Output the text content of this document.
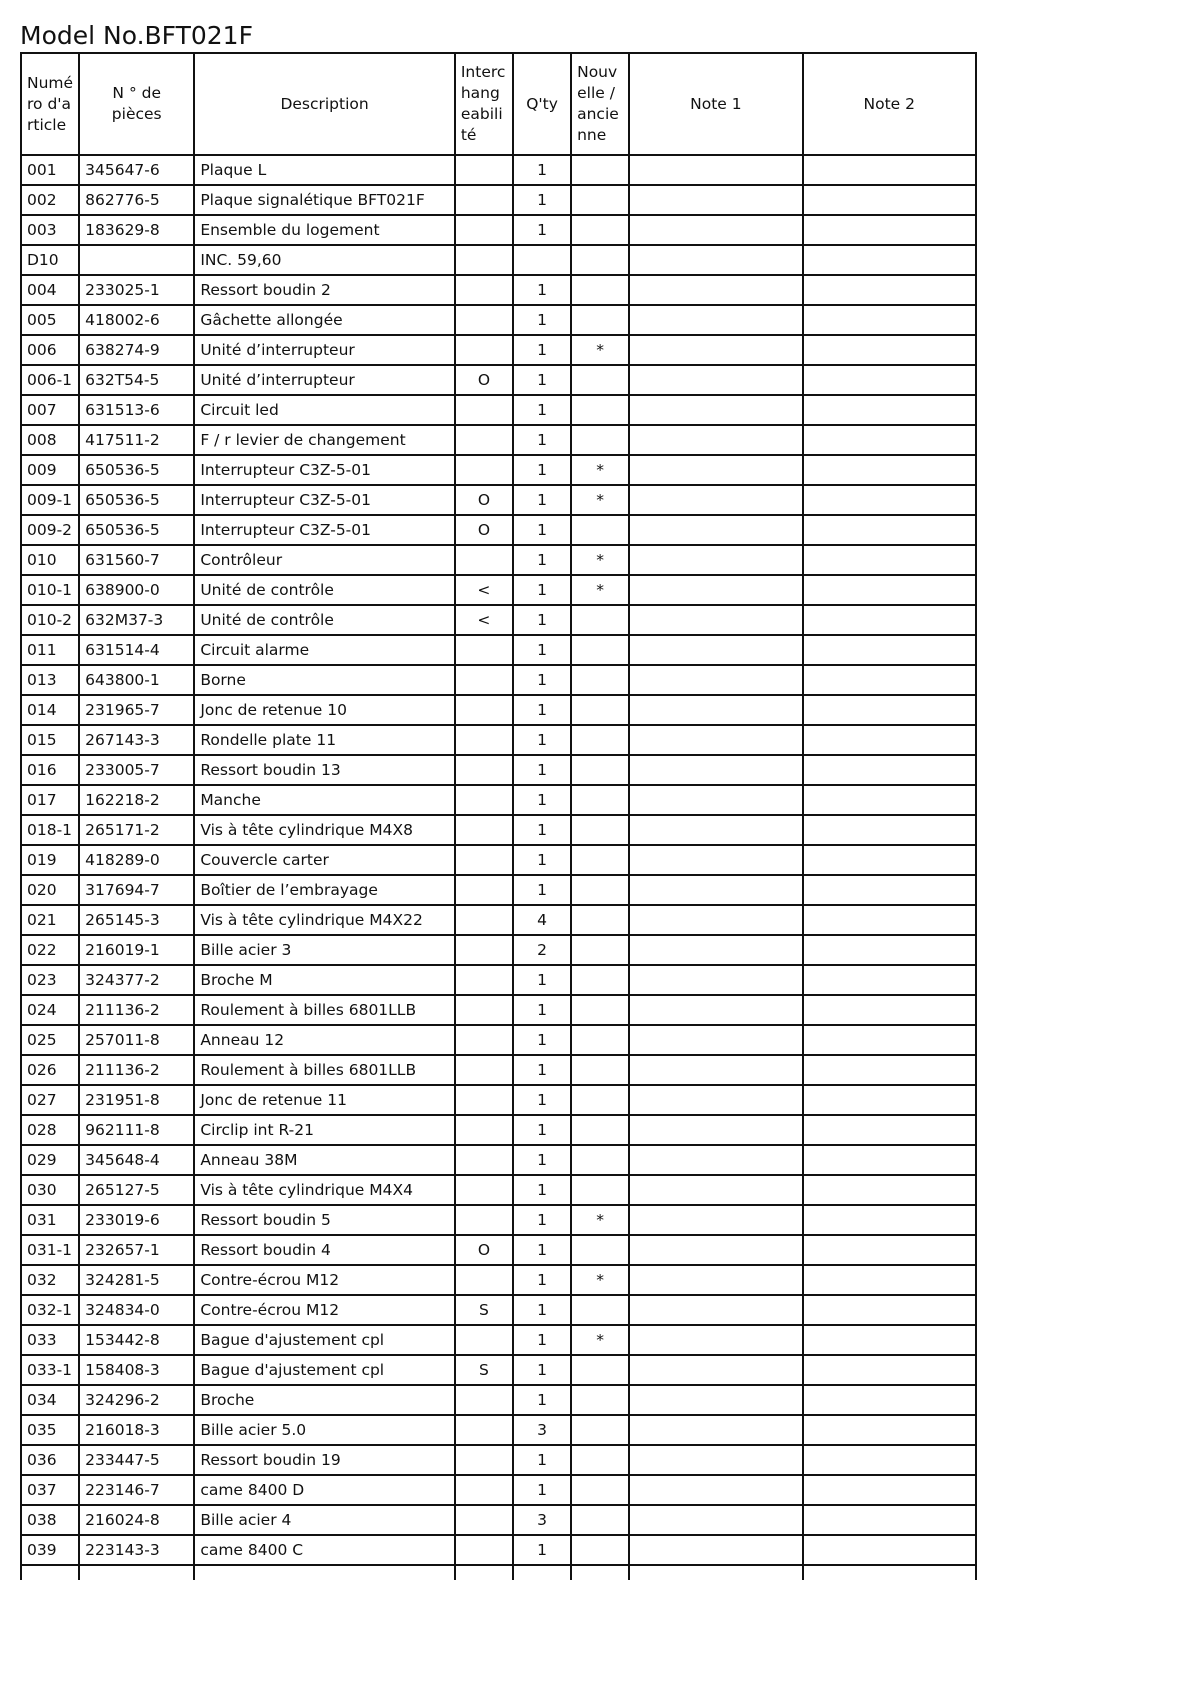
Model No.BFT021F
Numéro d'article	N ° de pièces	Description	Interchangeabilité	Q'ty	Nouvelle / ancienne	Note 1	Note 2
001	345647-6	Plaque L		1			
002	862776-5	Plaque signalétique BFT021F		1			
003	183629-8	Ensemble du logement		1			
D10		INC. 59,60					
004	233025-1	Ressort boudin 2		1			
005	418002-6	Gâchette allongée		1			
006	638274-9	Unité d’interrupteur		1	*		
006-1	632T54-5	Unité d’interrupteur	O	1			
007	631513-6	Circuit led		1			
008	417511-2	F / r levier de changement		1			
009	650536-5	Interrupteur C3Z-5-01		1	*		
009-1	650536-5	Interrupteur C3Z-5-01	O	1	*		
009-2	650536-5	Interrupteur C3Z-5-01	O	1			
010	631560-7	Contrôleur		1	*		
010-1	638900-0	Unité de contrôle	<	1	*		
010-2	632M37-3	Unité de contrôle	<	1			
011	631514-4	Circuit alarme		1			
013	643800-1	Borne		1			
014	231965-7	Jonc de retenue 10		1			
015	267143-3	Rondelle plate 11		1			
016	233005-7	Ressort boudin 13		1			
017	162218-2	Manche		1			
018-1	265171-2	Vis à tête cylindrique M4X8		1			
019	418289-0	Couvercle carter		1			
020	317694-7	Boîtier de l’embrayage		1			
021	265145-3	Vis à tête cylindrique M4X22		4			
022	216019-1	Bille acier 3		2			
023	324377-2	Broche M		1			
024	211136-2	Roulement à billes 6801LLB		1			
025	257011-8	Anneau 12		1			
026	211136-2	Roulement à billes 6801LLB		1			
027	231951-8	Jonc de retenue 11		1			
028	962111-8	Circlip int R-21		1			
029	345648-4	Anneau 38M		1			
030	265127-5	Vis à tête cylindrique M4X4		1			
031	233019-6	Ressort boudin 5		1	*		
031-1	232657-1	Ressort boudin 4	O	1			
032	324281-5	Contre-écrou M12		1	*		
032-1	324834-0	Contre-écrou M12	S	1			
033	153442-8	Bague d'ajustement cpl		1	*		
033-1	158408-3	Bague d'ajustement cpl	S	1			
034	324296-2	Broche		1			
035	216018-3	Bille acier 5.0		3			
036	233447-5	Ressort boudin 19		1			
037	223146-7	came 8400 D		1			
038	216024-8	Bille acier 4		3			
039	223143-3	came 8400 C		1			
